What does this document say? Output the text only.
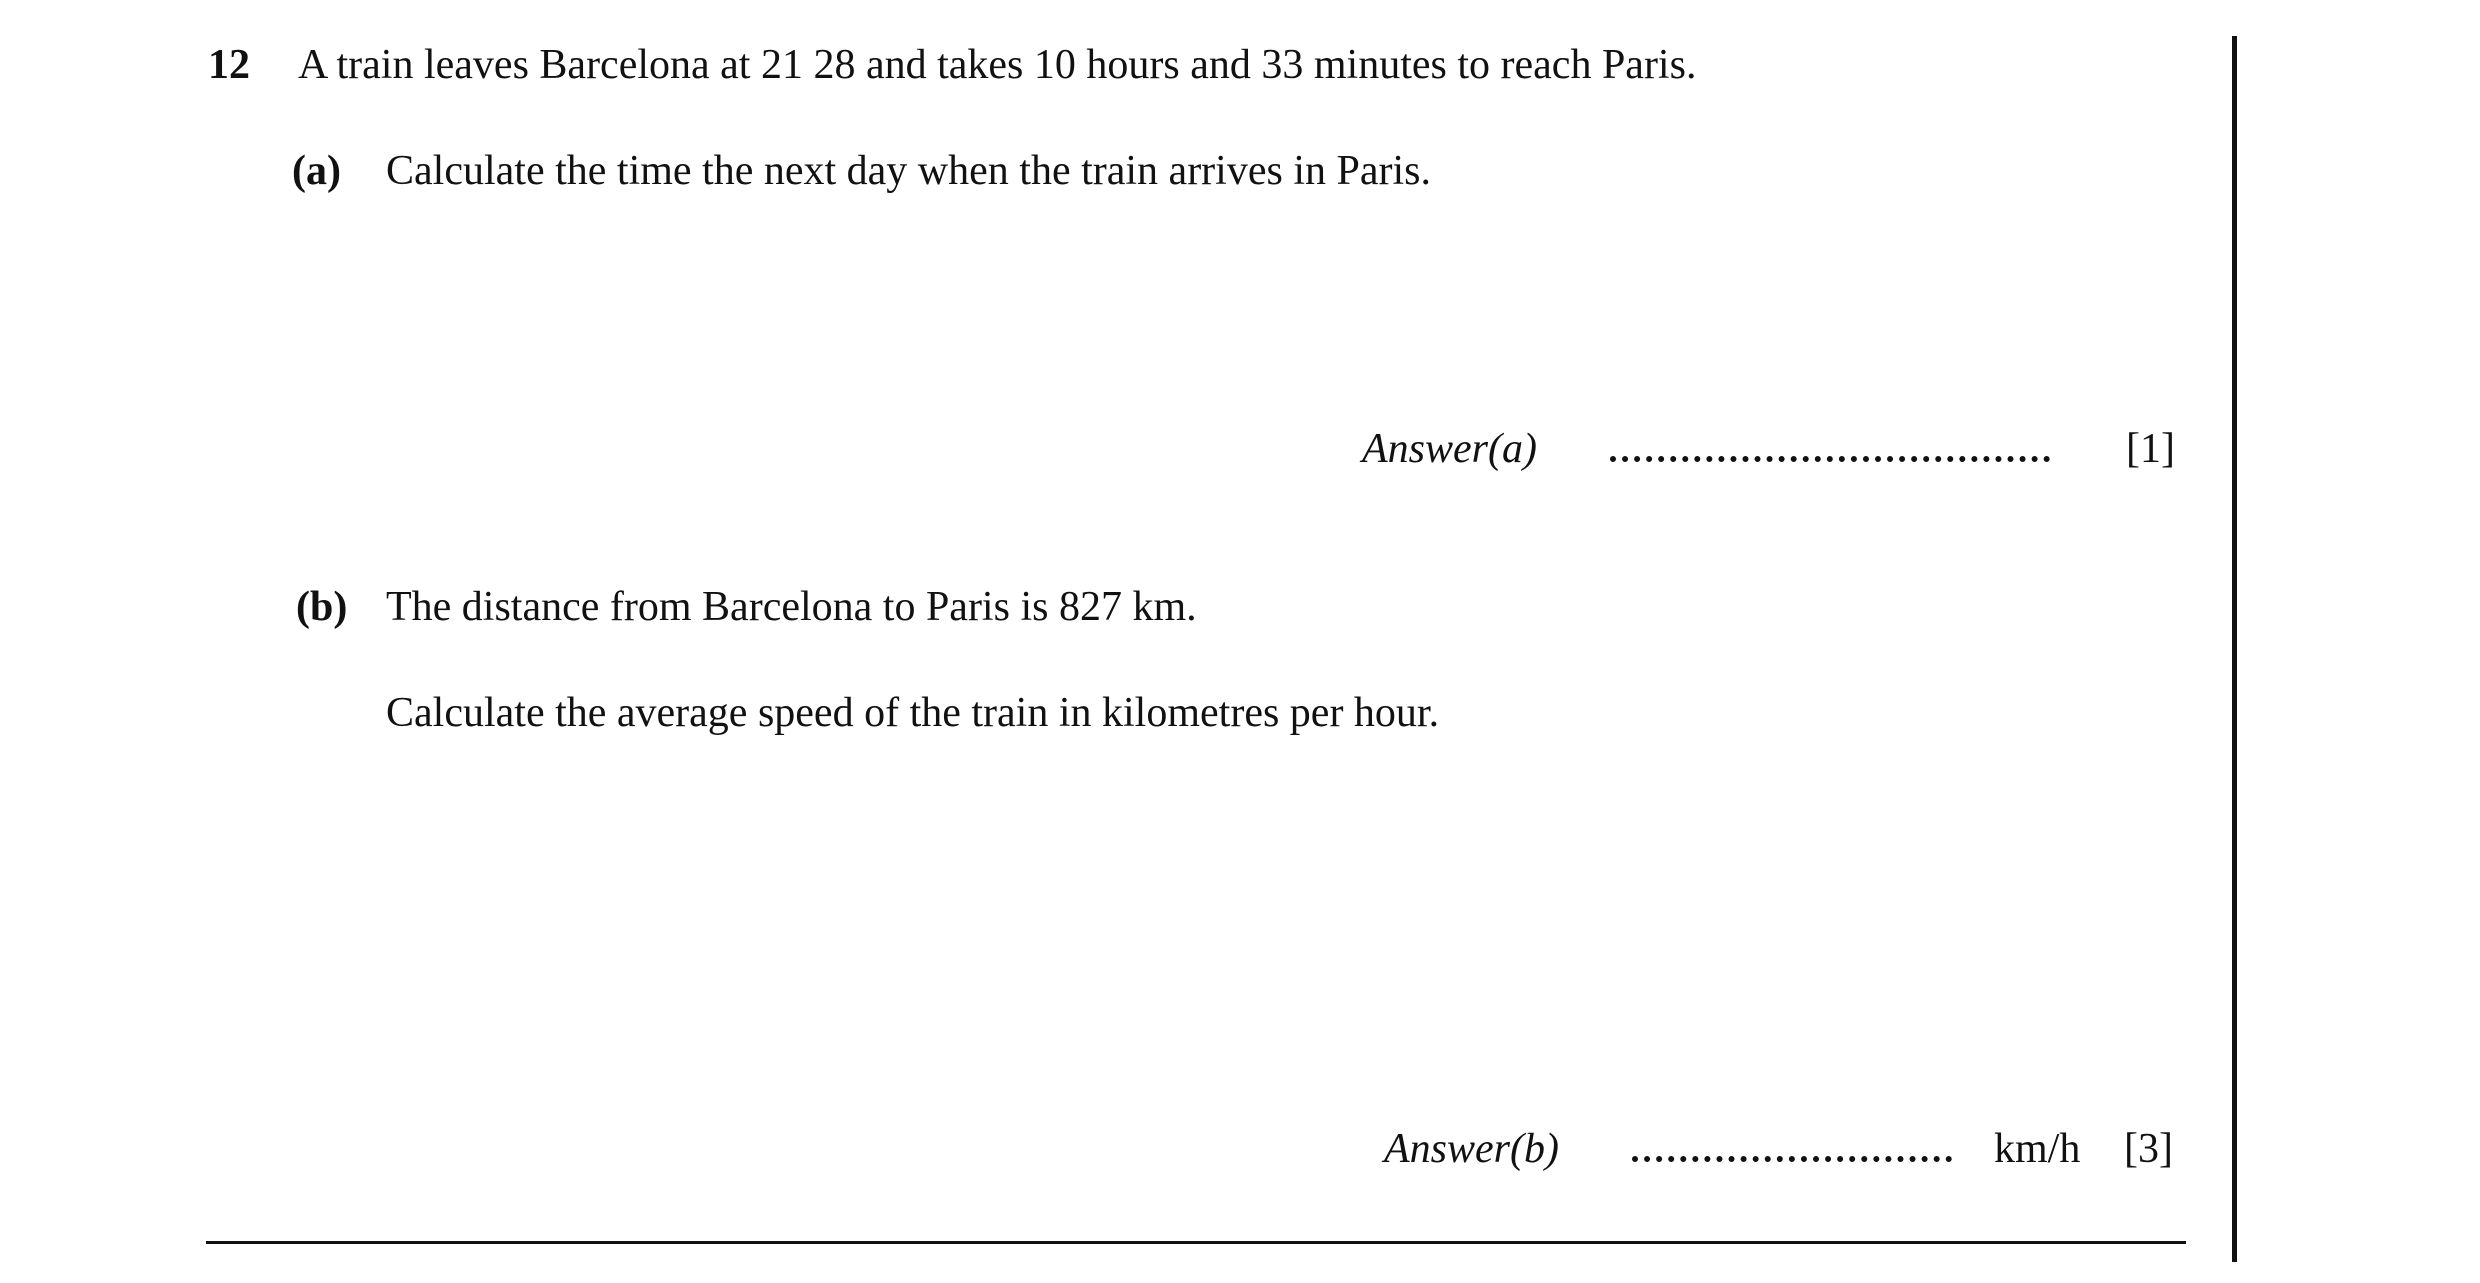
12 A train leaves Barcelona at 21 28 and takes 10 hours and 33 minutes to reach Paris.
(a) Calculate the time the next day when the train arrives in Paris.
Answer(a)	[1]
(b) The distance from Barcelona to Paris is 827 km.
Calculate the average speed of the train in kilometres per hour.
Answer(b)	km/h [3]
